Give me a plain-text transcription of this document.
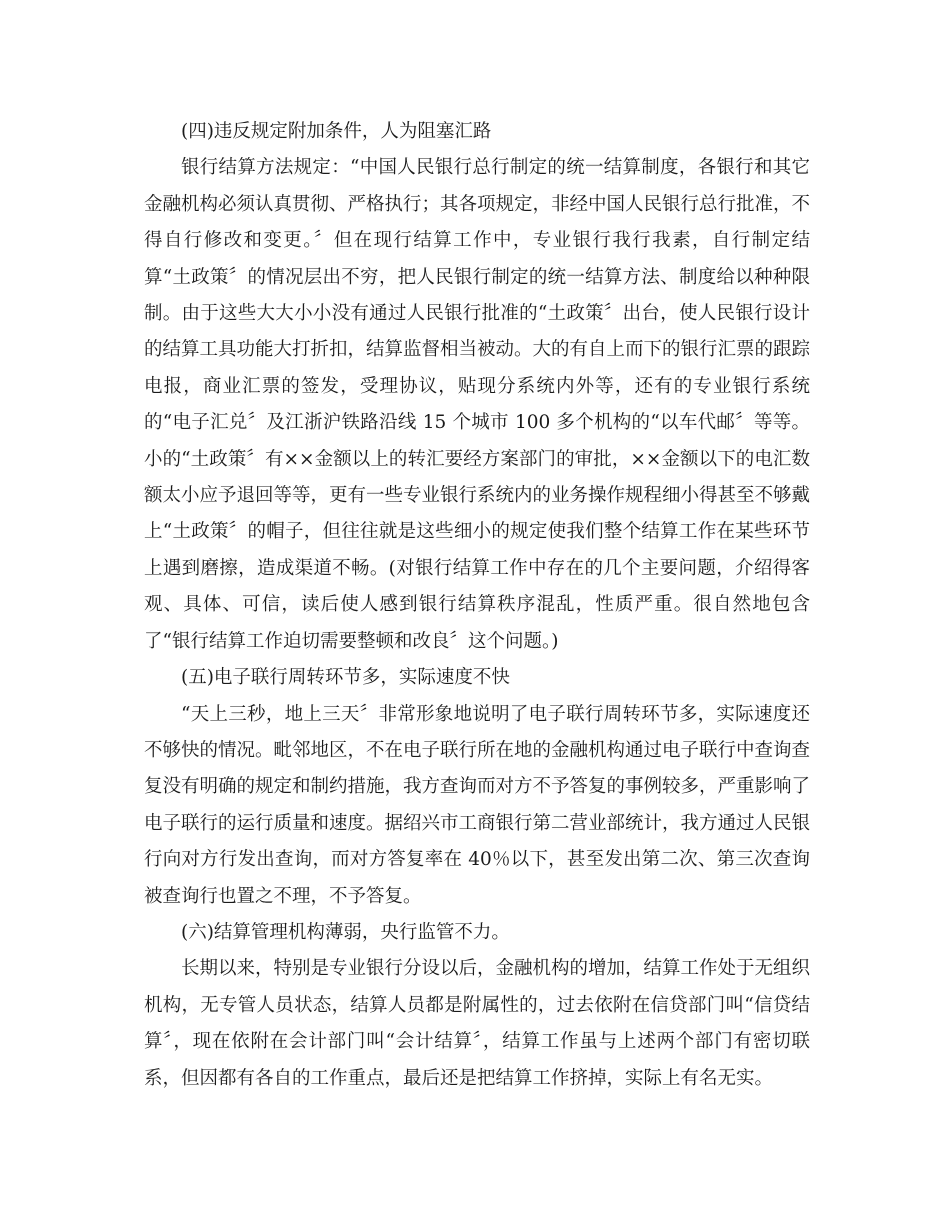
(四)违反规定附加条件，人为阻塞汇路

银行结算方法规定：“中国人民银行总行制定的统一结算制度，各银行和其它金融机构必须认真贯彻、严格执行；其各项规定，非经中国人民银行总行批准，不得自行修改和变更。〞但在现行结算工作中，专业银行我行我素，自行制定结算“土政策〞的情况层出不穷，把人民银行制定的统一结算方法、制度给以种种限制。由于这些大大小小没有通过人民银行批准的“土政策〞出台，使人民银行设计的结算工具功能大打折扣，结算监督相当被动。大的有自上而下的银行汇票的跟踪电报，商业汇票的签发，受理协议，贴现分系统内外等，还有的专业银行系统的“电子汇兑〞及江浙沪铁路沿线 15 个城市 100 多个机构的“以车代邮〞等等。小的“土政策〞有××金额以上的转汇要经方案部门的审批，××金额以下的电汇数额太小应予退回等等，更有一些专业银行系统内的业务操作规程细小得甚至不够戴上“土政策〞的帽子，但往往就是这些细小的规定使我们整个结算工作在某些环节上遇到磨擦，造成渠道不畅。(对银行结算工作中存在的几个主要问题，介绍得客观、具体、可信，读后使人感到银行结算秩序混乱，性质严重。很自然地包含了“银行结算工作迫切需要整顿和改良〞这个问题。)

(五)电子联行周转环节多，实际速度不快

“天上三秒，地上三天〞非常形象地说明了电子联行周转环节多，实际速度还不够快的情况。毗邻地区，不在电子联行所在地的金融机构通过电子联行中查询查复没有明确的规定和制约措施，我方查询而对方不予答复的事例较多，严重影响了电子联行的运行质量和速度。据绍兴市工商银行第二营业部统计，我方通过人民银行向对方行发出查询，而对方答复率在 40％以下，甚至发出第二次、第三次查询被查询行也置之不理，不予答复。

(六)结算管理机构薄弱，央行监管不力。

长期以来，特别是专业银行分设以后，金融机构的增加，结算工作处于无组织机构，无专管人员状态，结算人员都是附属性的，过去依附在信贷部门叫“信贷结算〞，现在依附在会计部门叫“会计结算〞，结算工作虽与上述两个部门有密切联系，但因都有各自的工作重点，最后还是把结算工作挤掉，实际上有名无实。
